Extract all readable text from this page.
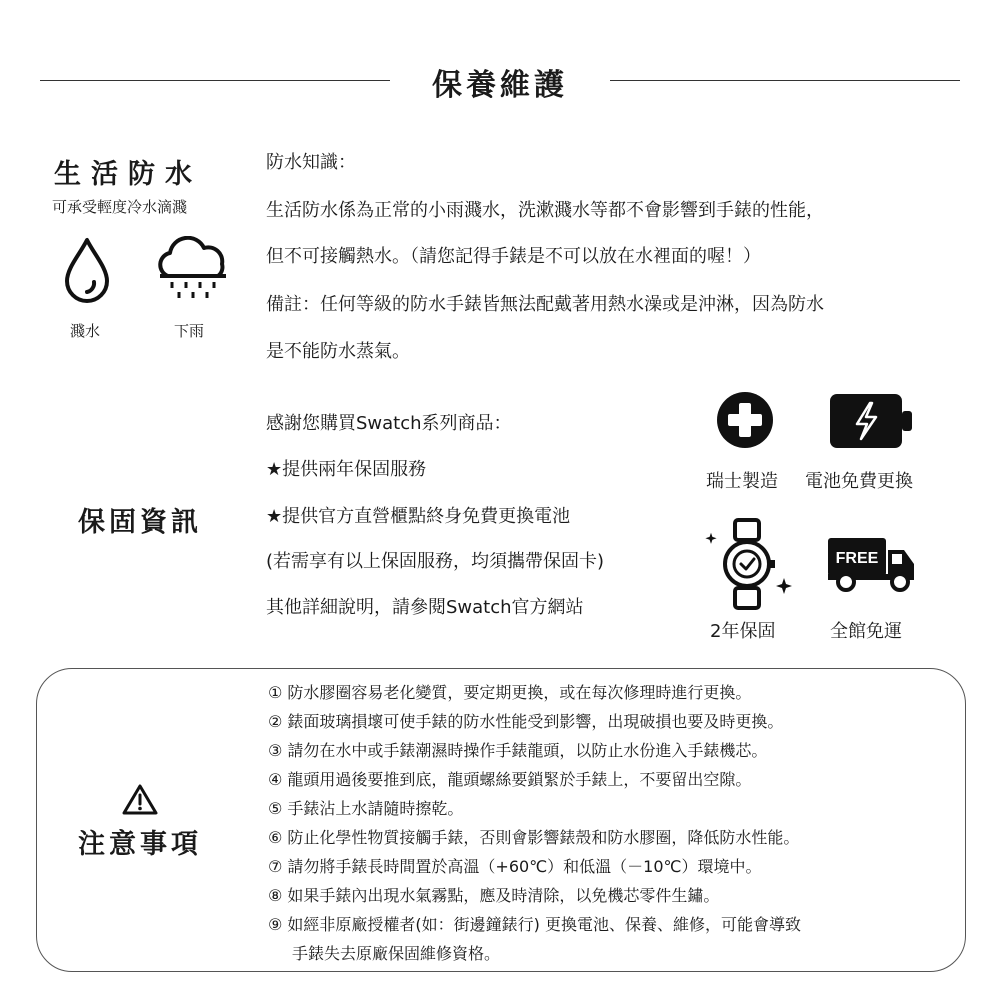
保養維護
生活防水
可承受輕度冷水滴濺
濺水	下雨
防水知識：
生活防水係為正常的小雨濺水，洗漱濺水等都不會影響到手錶的性能，
但不可接觸熱水。（請您記得手錶是不可以放在水裡面的喔！）
備註：任何等級的防水手錶皆無法配戴著用熱水澡或是沖淋，因為防水
是不能防水蒸氣。
保固資訊
感謝您購買Swatch系列商品：
★提供兩年保固服務
★提供官方直營櫃點終身免費更換電池
(若需享有以上保固服務，均須攜帶保固卡)
其他詳細說明，請參閱Swatch官方網站
瑞士製造 電池免費更換
FREE
2年保固	全館免運
注意事項
① 防水膠圈容易老化變質，要定期更換，或在每次修理時進行更換。
② 錶面玻璃損壞可使手錶的防水性能受到影響，出現破損也要及時更換。
③ 請勿在水中或手錶潮濕時操作手錶龍頭，以防止水份進入手錶機芯。
④ 龍頭用過後要推到底，龍頭螺絲要鎖緊於手錶上，不要留出空隙。
⑤ 手錶沾上水請隨時擦乾。
⑥ 防止化學性物質接觸手錶，否則會影響錶殼和防水膠圈，降低防水性能。
⑦ 請勿將手錶長時間置於高溫（+60℃）和低溫（－10℃）環境中。
⑧ 如果手錶內出現水氣霧點，應及時清除，以免機芯零件生鏽。
⑨ 如經非原廠授權者(如：街邊鐘錶行) 更換電池、保養、維修，可能會導致
手錶失去原廠保固維修資格。
